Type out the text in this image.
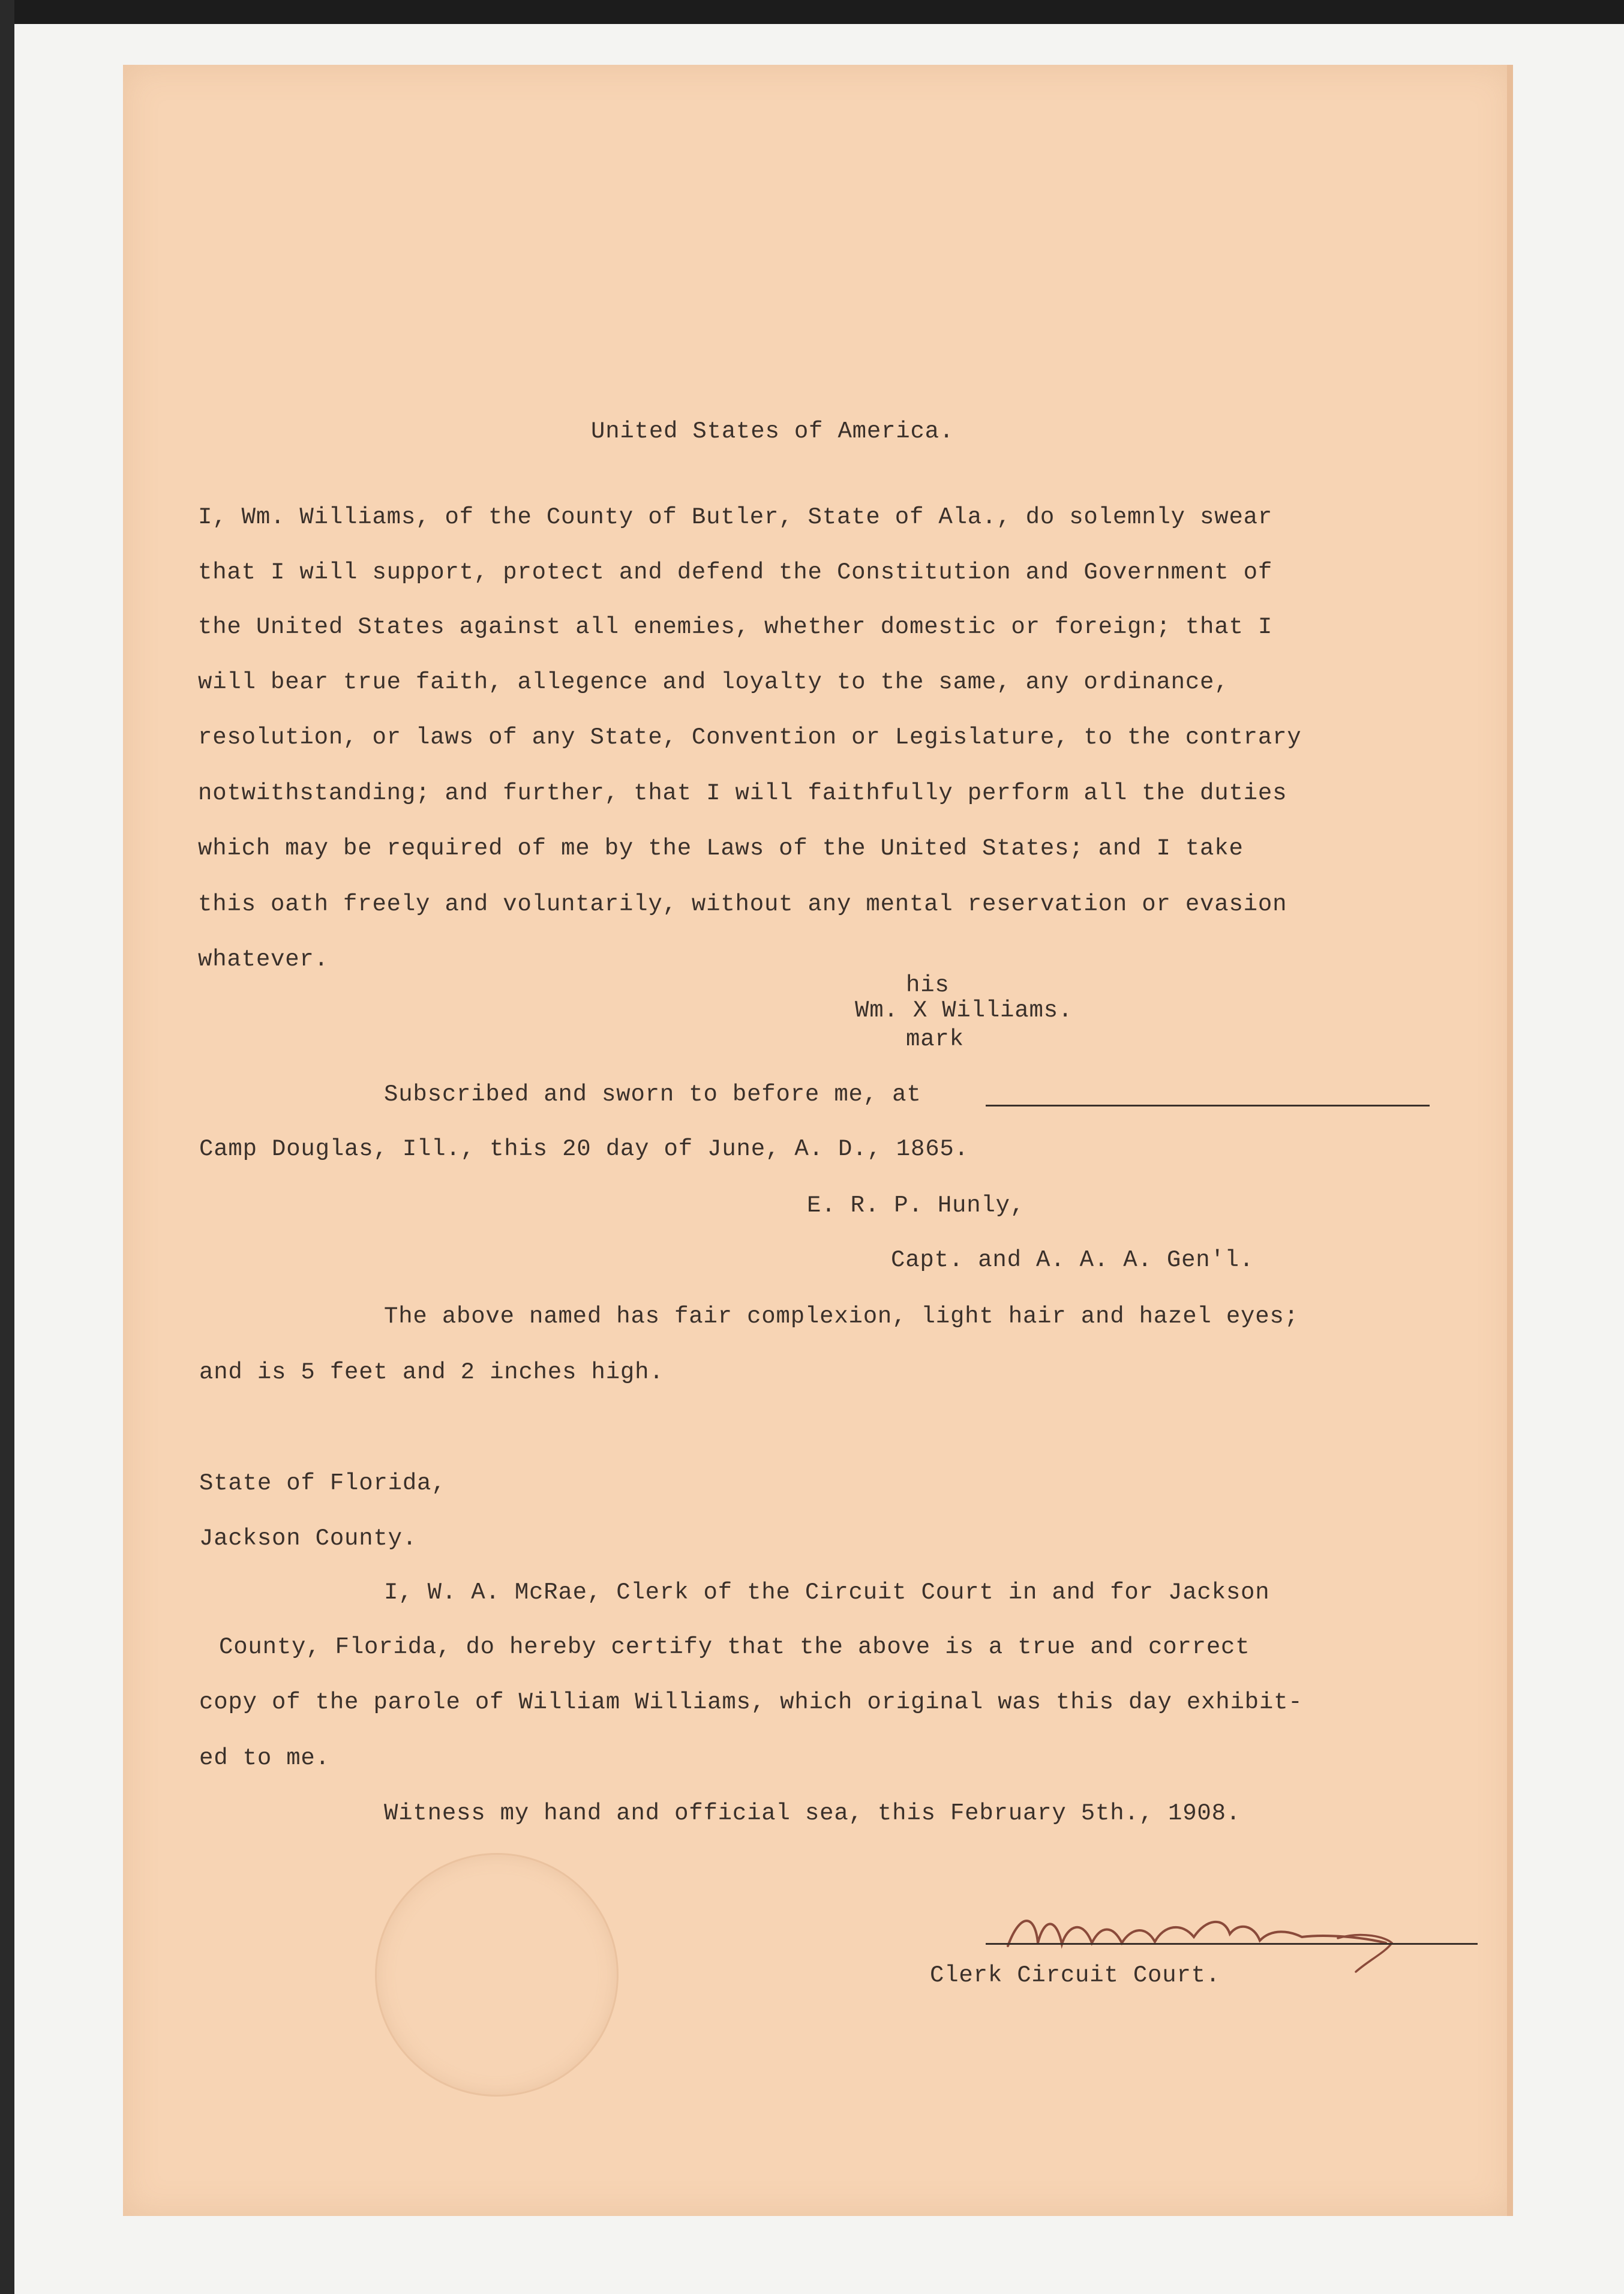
United States of America.

I, Wm. Williams, of the County of Butler, State of Ala., do solemnly swear

that I will support, protect and defend the Constitution and Government of

the United States against all enemies, whether domestic or foreign; that I

will bear true faith, allegence and loyalty to the same, any ordinance,

resolution, or laws of any State, Convention or Legislature, to the contrary

notwithstanding; and further, that I will faithfully perform all the duties

which may be required of me by the Laws of the United States; and I take

this oath freely and voluntarily, without any mental reservation or evasion

whatever.

his

Wm. X Williams.

mark

Subscribed and sworn to before me, at

Camp Douglas, Ill., this 20 day of June, A. D., 1865.

E. R. P. Hunly,

Capt. and A. A. A. Gen'l.

The above named has fair complexion, light hair and hazel eyes;

and is 5 feet and 2 inches high.

State of Florida,

Jackson County.

I, W. A. McRae, Clerk of the Circuit Court in and for Jackson

County, Florida, do hereby certify that the above is a true and correct

copy of the parole of William Williams, which original was this day exhibit-

ed to me.

Witness my hand and official sea, this February 5th., 1908.

Clerk Circuit Court.
